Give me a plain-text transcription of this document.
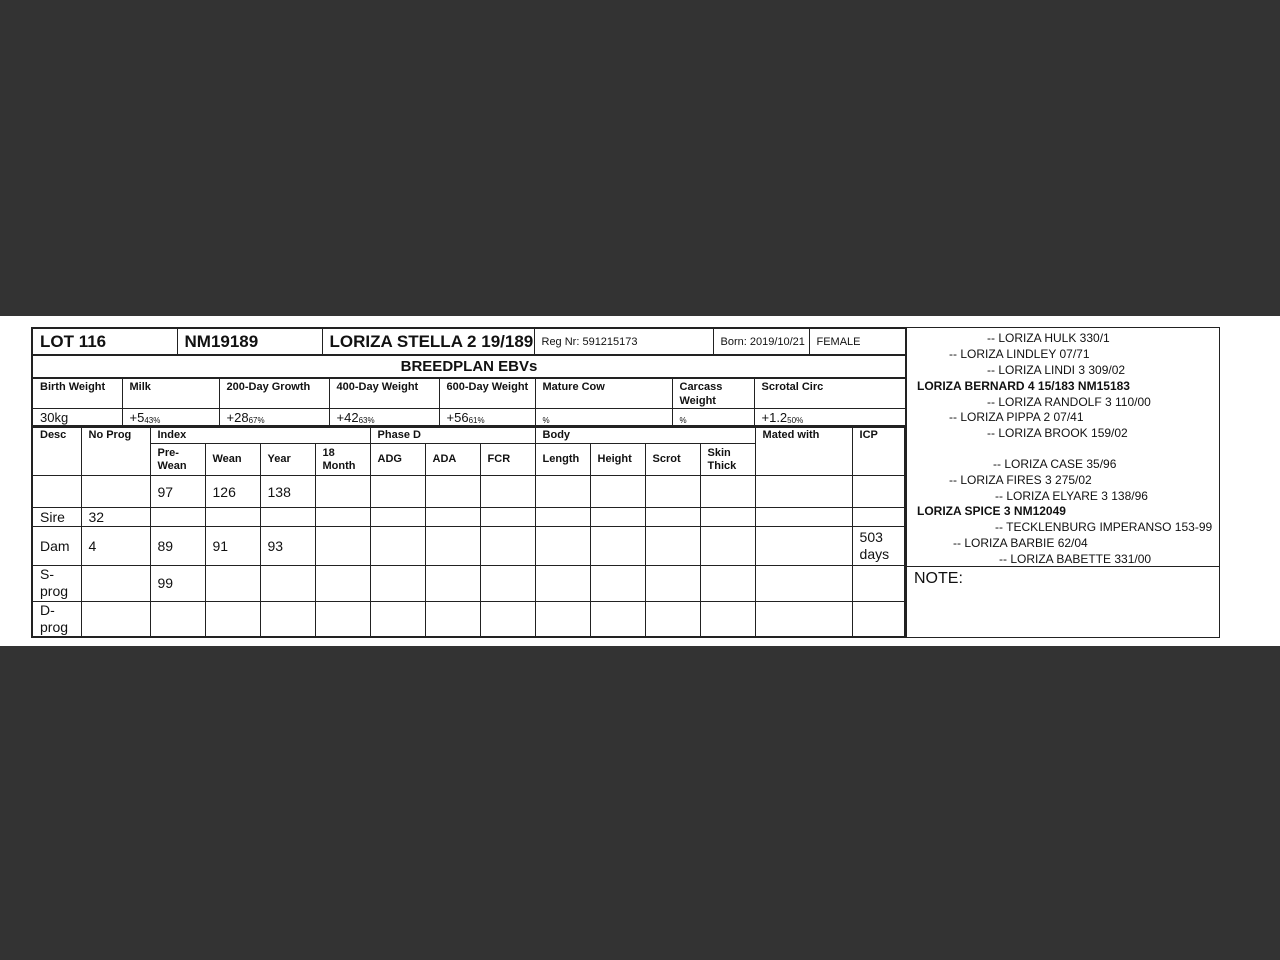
LOT 116	NM19189	LORIZA STELLA 2 19/189	Reg Nr: 591215173	Born: 2019/10/21	FEMALE
BREEDPLAN EBVs
Birth Weight	Milk	200-Day Growth	400-Day Weight	600-Day Weight	Mature Cow	Carcass Weight	Scrotal Circ
30kg	$+5_{43\%}$	$+28_{67\%}$	$+42_{63\%}$	$+56_{61\%}$	$_{\%}$	$_{\%}$	$+1.2_{50\%}$
Desc	No Prog	Index				Phase D			Body				Mated with	ICP
		Pre-Wean	Wean	Year	18 Month	ADG	ADA	FCR	Length	Height	Scrot	Skin Thick		
		97	126	138										
Sire	32													
Dam	4	89	91	93										503 days
S-prog		99												
D-prog														
-- LORIZA HULK 330/1
-- LORIZA LINDLEY 07/71
-- LORIZA LINDI 3 309/02
LORIZA BERNARD 4 15/183 NM15183
-- LORIZA RANDOLF 3 110/00
-- LORIZA PIPPA 2 07/41
-- LORIZA BROOK 159/02
-- LORIZA CASE 35/96
-- LORIZA FIRES 3 275/02
-- LORIZA ELYARE 3 138/96
LORIZA SPICE 3 NM12049
-- TECKLENBURG IMPERANSO 153-99
-- LORIZA BARBIE 62/04
-- LORIZA BABETTE 331/00
NOTE:
